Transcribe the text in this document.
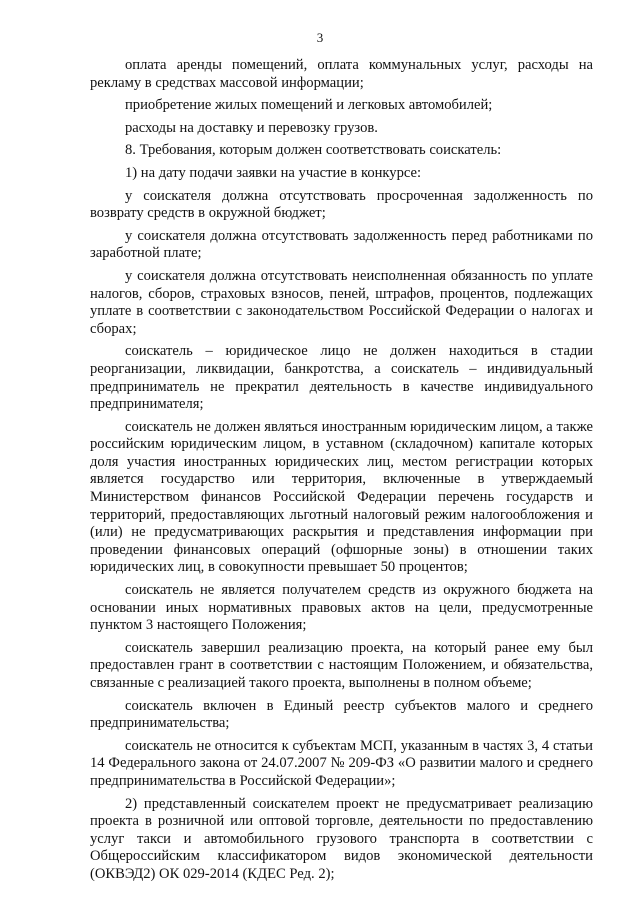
3

оплата аренды помещений, оплата коммунальных услуг, расходы на рекламу в средствах массовой информации;

приобретение жилых помещений и легковых автомобилей;

расходы на доставку и перевозку грузов.

8. Требования, которым должен соответствовать соискатель:

1) на дату подачи заявки на участие в конкурсе:

у соискателя должна отсутствовать просроченная задолженность по возврату средств в окружной бюджет;

у соискателя должна отсутствовать задолженность перед работниками по заработной плате;

у соискателя должна отсутствовать неисполненная обязанность по уплате налогов, сборов, страховых взносов, пеней, штрафов, процентов, подлежащих уплате в соответствии с законодательством Российской Федерации о налогах и сборах;

соискатель – юридическое лицо не должен находиться в стадии реорганизации, ликвидации, банкротства, а соискатель – индивидуальный предприниматель не прекратил деятельность в качестве индивидуального предпринимателя;

соискатель не должен являться иностранным юридическим лицом, а также российским юридическим лицом, в уставном (складочном) капитале которых доля участия иностранных юридических лиц, местом регистрации которых является государство или территория, включенные в утверждаемый Министерством финансов Российской Федерации перечень государств и территорий, предоставляющих льготный налоговый режим налогообложения и (или) не предусматривающих раскрытия и представления информации при проведении финансовых операций (офшорные зоны) в отношении таких юридических лиц, в совокупности превышает 50 процентов;

соискатель не является получателем средств из окружного бюджета на основании иных нормативных правовых актов на цели, предусмотренные пунктом 3 настоящего Положения;

соискатель завершил реализацию проекта, на который ранее ему был предоставлен грант в соответствии с настоящим Положением, и обязательства, связанные с реализацией такого проекта, выполнены в полном объеме;

соискатель включен в Единый реестр субъектов малого и среднего предпринимательства;

соискатель не относится к субъектам МСП, указанным в частях 3, 4 статьи 14 Федерального закона от 24.07.2007 № 209-ФЗ «О развитии малого и среднего предпринимательства в Российской Федерации»;

2) представленный соискателем проект не предусматривает реализацию проекта в розничной или оптовой торговле, деятельности по предоставлению услуг такси и автомобильного грузового транспорта в соответствии с Общероссийским классификатором видов экономической деятельности (ОКВЭД2) ОК 029-2014 (КДЕС Ред. 2);
